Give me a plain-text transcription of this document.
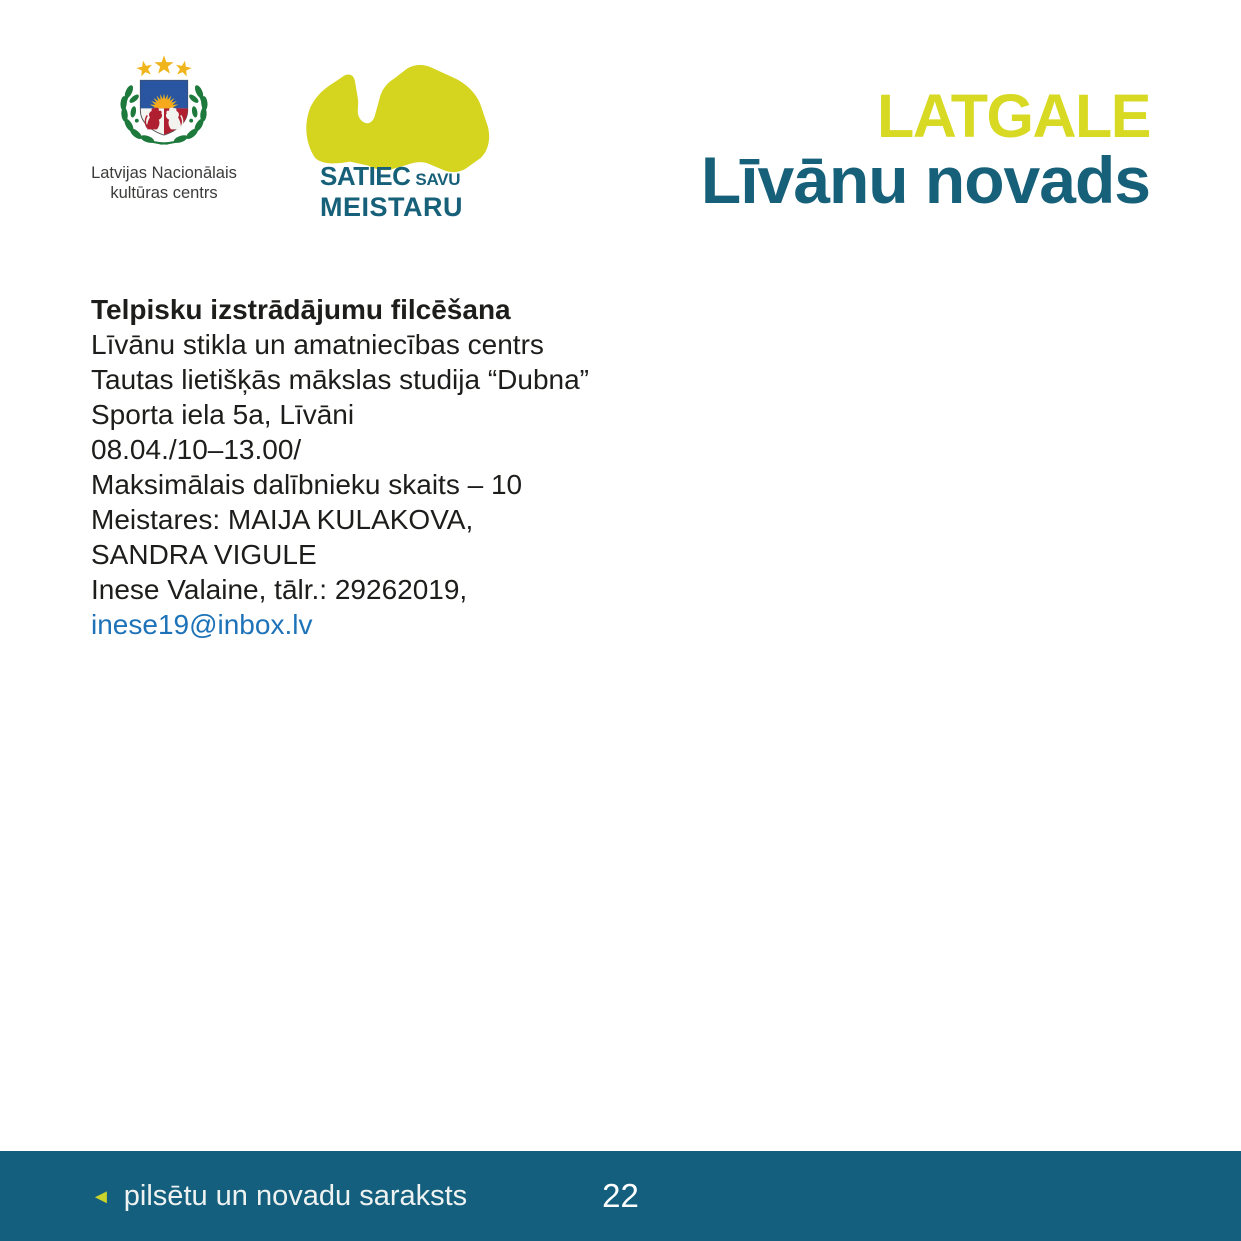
Latvijas Nacionālais
kultūras centrs
SATIEC SAVU
MEISTARU
LATGALE
Līvānu novads

Telpisku izstrādājumu filcēšana

Līvānu stikla un amatniecības centrs

Tautas lietišķās mākslas studija “Dubna”

Sporta iela 5a, Līvāni

08.04./10–13.00/

Maksimālais dalībnieku skaits – 10

Meistares: MAIJA KULAKOVA,

SANDRA VIGULE

Inese Valaine, tālr.: 29262019,

inese19@inbox.lv

◄ pilsētu un novadu saraksts	22
